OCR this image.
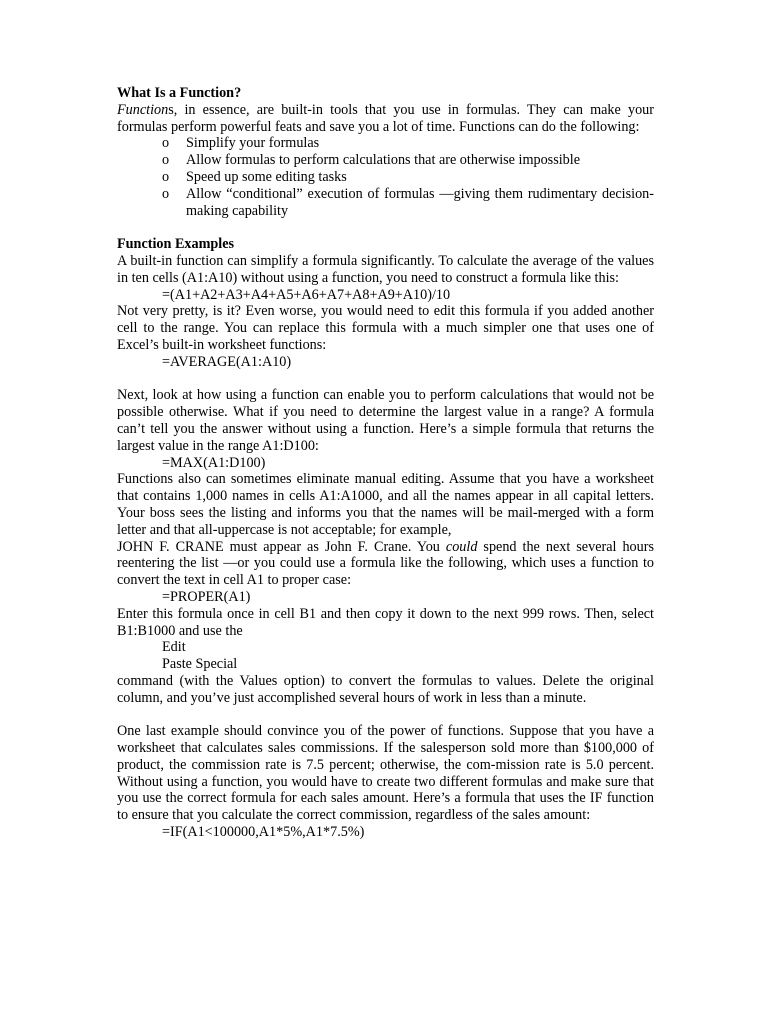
What Is a Function?

Functions, in essence, are built-in tools that you use in formulas. They can make your formulas perform powerful feats and save you a lot of time. Functions can do the following:

o Simplify your formulas
o Allow formulas to perform calculations that are otherwise impossible
o Speed up some editing tasks
o Allow “conditional” execution of formulas —giving them rudimentary decision-making capability
Function Examples

A built-in function can simplify a formula significantly. To calculate the average of the values in ten cells (A1:A10) without using a function, you need to construct a formula like this:

=(A1+A2+A3+A4+A5+A6+A7+A8+A9+A10)/10

Not very pretty, is it? Even worse, you would need to edit this formula if you added another cell to the range. You can replace this formula with a much simpler one that uses one of Excel’s built-in worksheet functions:

=AVERAGE(A1:A10)

Next, look at how using a function can enable you to perform calculations that would not be possible otherwise. What if you need to determine the largest value in a range? A formula can’t tell you the answer without using a function. Here’s a simple formula that returns the largest value in the range A1:D100:

=MAX(A1:D100)

Functions also can sometimes eliminate manual editing. Assume that you have a worksheet that contains 1,000 names in cells A1:A1000, and all the names appear in all capital letters. Your boss sees the listing and informs you that the names will be mail-merged with a form letter and that all-uppercase is not acceptable; for example,

JOHN F. CRANE must appear as John F. Crane. You could spend the next several hours reentering the list —or you could use a formula like the following, which uses a function to convert the text in cell A1 to proper case:

=PROPER(A1)

Enter this formula once in cell B1 and then copy it down to the next 999 rows. Then, select B1:B1000 and use the

Edit

Paste Special

command (with the Values option) to convert the formulas to values. Delete the original column, and you’ve just accomplished several hours of work in less than a minute.

One last example should convince you of the power of functions. Suppose that you have a worksheet that calculates sales commissions. If the salesperson sold more than $100,000 of product, the commission rate is 7.5 percent; otherwise, the com-mission rate is 5.0 percent. Without using a function, you would have to create two different formulas and make sure that you use the correct formula for each sales amount. Here’s a formula that uses the IF function to ensure that you calculate the correct commission, regardless of the sales amount:

=IF(A1<100000,A1*5%,A1*7.5%)
